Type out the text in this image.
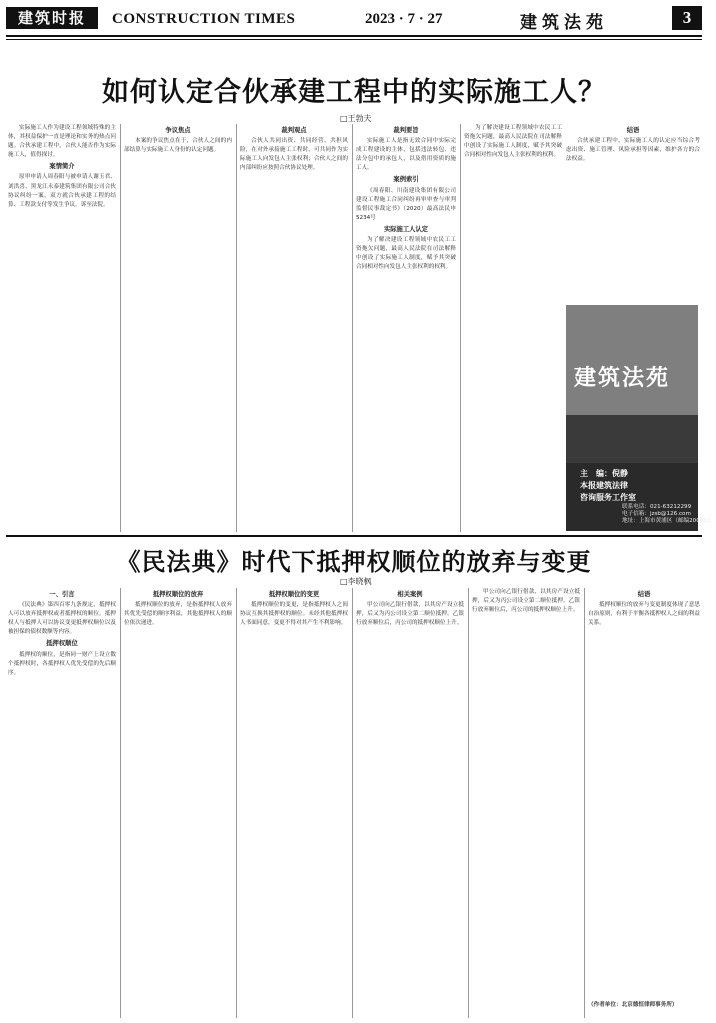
建筑时报	CONSTRUCTION TIMES	2023 · 7 · 27	建筑法苑	3
如何认定合伙承建工程中的实际施工人？
□王勃夫

实际施工人作为建设工程领域特殊的主体，其权益保护一直是理论和实务的热点问题。合伙承建工程中，合伙人能否作为实际施工人，值得探讨。

案情简介

原审申请人周春阳与被申请人谢玉君、刘洪喜、黑龙江永泰建筑集团有限公司合伙协议纠纷一案，双方就合伙承建工程的结算、工程款支付等发生争议，诉至法院。

争议焦点

本案的争议焦点在于，合伙人之间的内部结算与实际施工人身份的认定问题。

裁判观点

合伙人共同出资、共同经营、共担风险，在对外承接施工工程时，可共同作为实际施工人向发包人主张权利；合伙人之间的内部纠纷应按照合伙协议处理。

裁判要旨

实际施工人是指无效合同中实际完成工程建设的主体，包括违法转包、违法分包中的承包人，以及借用资质的施工人。

案例索引

《周春阳、川南建设集团有限公司建设工程施工合同纠纷再审审查与审判监督民事裁定书》（2020）最高法民申5234号

实际施工人认定

为了解决建设工程领域中农民工工资拖欠问题，最高人民法院在司法解释中创设了实际施工人制度，赋予其突破合同相对性向发包人主张权利的权利。

为了解决建设工程领域中农民工工资拖欠问题，最高人民法院在司法解释中创设了实际施工人制度，赋予其突破合同相对性向发包人主张权利的权利。

结语

合伙承建工程中，实际施工人的认定应当综合考虑出资、施工管理、风险承担等因素，维护各方的合法权益。

建筑法苑
主　编：倪静
本报建筑法律
咨询服务工作室
联系电话：021-63212299
电子信箱：jzsb@126.com
地址：上海市黄浦区（邮编200003）
《民法典》时代下抵押权顺位的放弃与变更
□李晓枫
一、引言

《民法典》第四百零九条规定，抵押权人可以放弃抵押权或者抵押权的顺位。抵押权人与抵押人可以协议变更抵押权顺位以及被担保的债权数额等内容。

抵押权顺位

抵押权的顺位，是指同一财产上设立数个抵押权时，各抵押权人优先受偿的先后顺序。

抵押权顺位的放弃

抵押权顺位的放弃，是指抵押权人放弃其优先受偿的顺序利益，其他抵押权人的顺位依次递进。

抵押权顺位的变更

抵押权顺位的变更，是指抵押权人之间协议互换其抵押权的顺位。未经其他抵押权人书面同意，变更不得对其产生不利影响。

相关案例

甲公司向乙银行借款，以其房产设立抵押，后又为丙公司设立第二顺位抵押。乙银行放弃顺位后，丙公司的抵押权顺位上升。

甲公司向乙银行借款，以其房产设立抵押，后又为丙公司设立第二顺位抵押。乙银行放弃顺位后，丙公司的抵押权顺位上升。

结语

抵押权顺位的放弃与变更制度体现了意思自治原则，有利于平衡各抵押权人之间的利益关系。

（作者单位：北京德恒律师事务所）
